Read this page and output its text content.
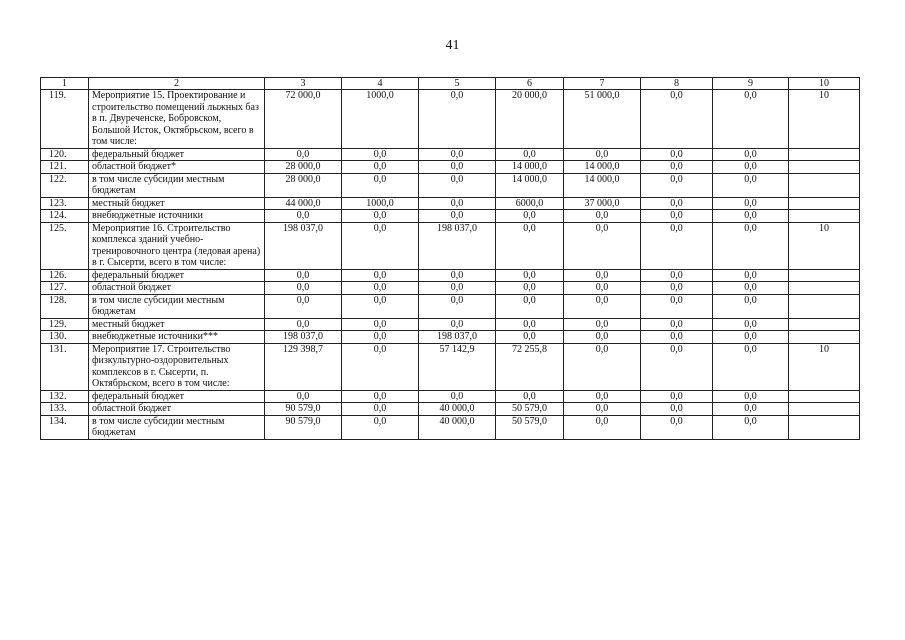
41
1	2	3	4	5	6	7	8	9	10
119.	Мероприятие 15. Проектирование и строительство помещений лыжных баз в п. Двуреченске, Бобровском, Большой Исток, Октябрьском, всего в том числе:	72 000,0	1000,0	0,0	20 000,0	51 000,0	0,0	0,0	10
120.	федеральный бюджет	0,0	0,0	0,0	0,0	0,0	0,0	0,0	
121.	областной бюджет*	28 000,0	0,0	0,0	14 000,0	14 000,0	0,0	0,0	
122.	в том числе субсидии местным бюджетам	28 000,0	0,0	0,0	14 000,0	14 000,0	0,0	0,0	
123.	местный бюджет	44 000,0	1000,0	0,0	6000,0	37 000,0	0,0	0,0	
124.	внебюджетные источники	0,0	0,0	0,0	0,0	0,0	0,0	0,0	
125.	Мероприятие 16. Строительство комплекса зданий учебно-тренировочного центра (ледовая арена) в г. Сысерти, всего в том числе:	198 037,0	0,0	198 037,0	0,0	0,0	0,0	0,0	10
126.	федеральный бюджет	0,0	0,0	0,0	0,0	0,0	0,0	0,0	
127.	областной бюджет	0,0	0,0	0,0	0,0	0,0	0,0	0,0	
128.	в том числе субсидии местным бюджетам	0,0	0,0	0,0	0,0	0,0	0,0	0,0	
129.	местный бюджет	0,0	0,0	0,0	0,0	0,0	0,0	0,0	
130.	внебюджетные источники***	198 037,0	0,0	198 037,0	0,0	0,0	0,0	0,0	
131.	Мероприятие 17. Строительство физкультурно-оздоровительных комплексов в г. Сысерти, п. Октябрьском, всего в том числе:	129 398,7	0,0	57 142,9	72 255,8	0,0	0,0	0,0	10
132.	федеральный бюджет	0,0	0,0	0,0	0,0	0,0	0,0	0,0	
133.	областной бюджет	90 579,0	0,0	40 000,0	50 579,0	0,0	0,0	0,0	
134.	в том числе субсидии местным бюджетам	90 579,0	0,0	40 000,0	50 579,0	0,0	0,0	0,0	
